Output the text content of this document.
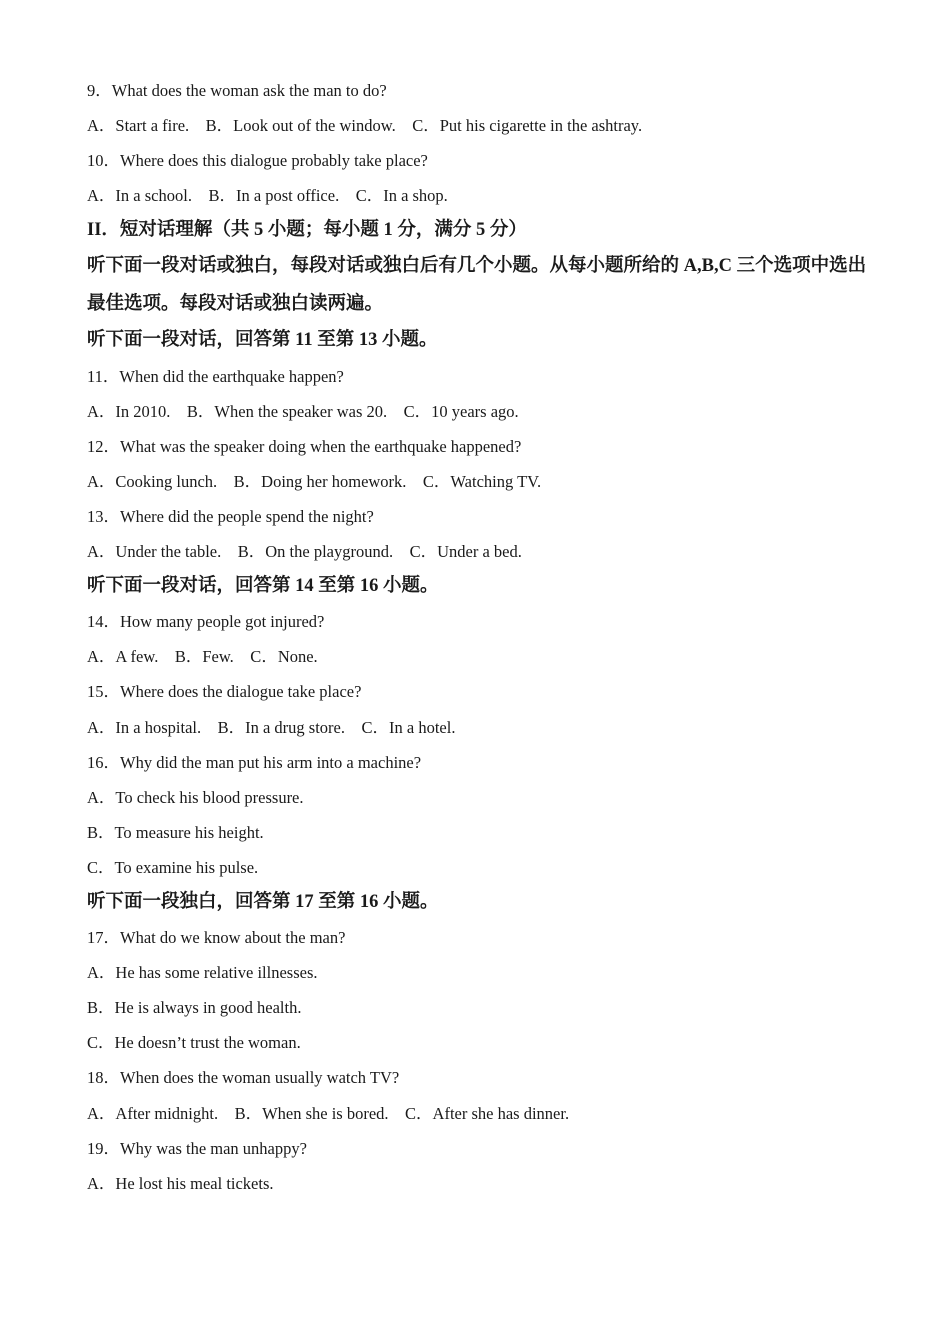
9．What does the woman ask the man to do?
A．Start a fire.    B．Look out of the window.    C．Put his cigarette in the ashtray.
10．Where does this dialogue probably take place?
A．In a school.    B．In a post office.    C．In a shop.
II．短对话理解（共 5 小题；每小题 1 分，满分 5 分）
听下面一段对话或独白，每段对话或独白后有几个小题。从每小题所给的 A,B,C 三个选项中选出最佳选项。每段对话或独白读两遍。
听下面一段对话，回答第 11 至第 13 小题。
11．When did the earthquake happen?
A．In 2010.    B．When the speaker was 20.    C．10 years ago.
12．What was the speaker doing when the earthquake happened?
A．Cooking lunch.    B．Doing her homework.    C．Watching TV.
13．Where did the people spend the night?
A．Under the table.    B．On the playground.    C．Under a bed.
听下面一段对话，回答第 14 至第 16 小题。
14．How many people got injured?
A．A few.    B．Few.    C．None.
15．Where does the dialogue take place?
A．In a hospital.    B．In a drug store.    C．In a hotel.
16．Why did the man put his arm into a machine?
A．To check his blood pressure.
B．To measure his height.
C．To examine his pulse.
听下面一段独白，回答第 17 至第 16 小题。
17．What do we know about the man?
A．He has some relative illnesses.
B．He is always in good health.
C．He doesn’t trust the woman.
18．When does the woman usually watch TV?
A．After midnight.    B．When she is bored.    C．After she has dinner.
19．Why was the man unhappy?
A．He lost his meal tickets.
